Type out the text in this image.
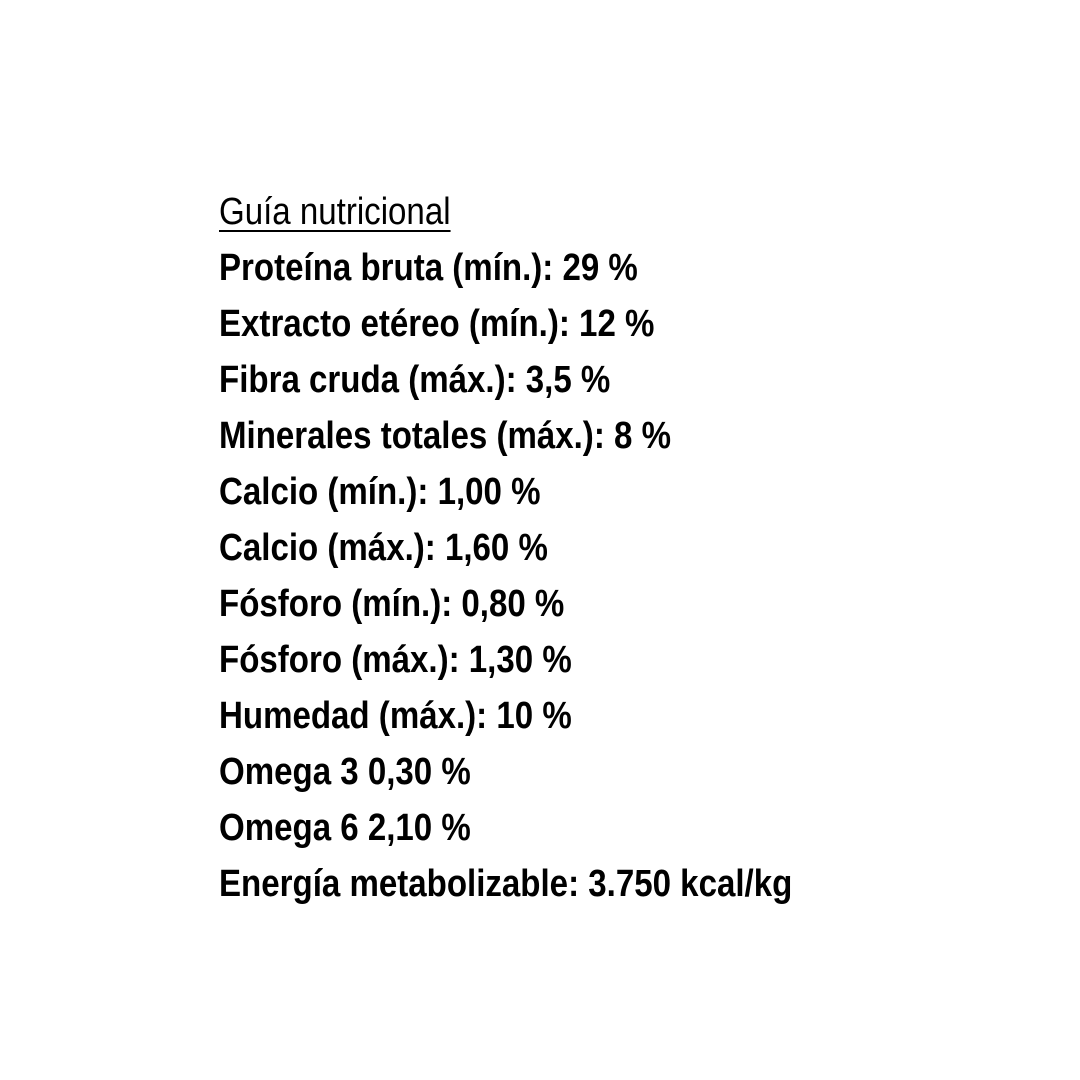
Guía nutricional
Proteína bruta (mín.): 29 %
Extracto etéreo (mín.): 12 %
Fibra cruda (máx.): 3,5 %
Minerales totales (máx.): 8 %
Calcio (mín.): 1,00 %
Calcio (máx.): 1,60 %
Fósforo (mín.): 0,80 %
Fósforo (máx.): 1,30 %
Humedad (máx.): 10 %
Omega 3 0,30 %
Omega 6 2,10 %
Energía metabolizable: 3.750 kcal/kg
